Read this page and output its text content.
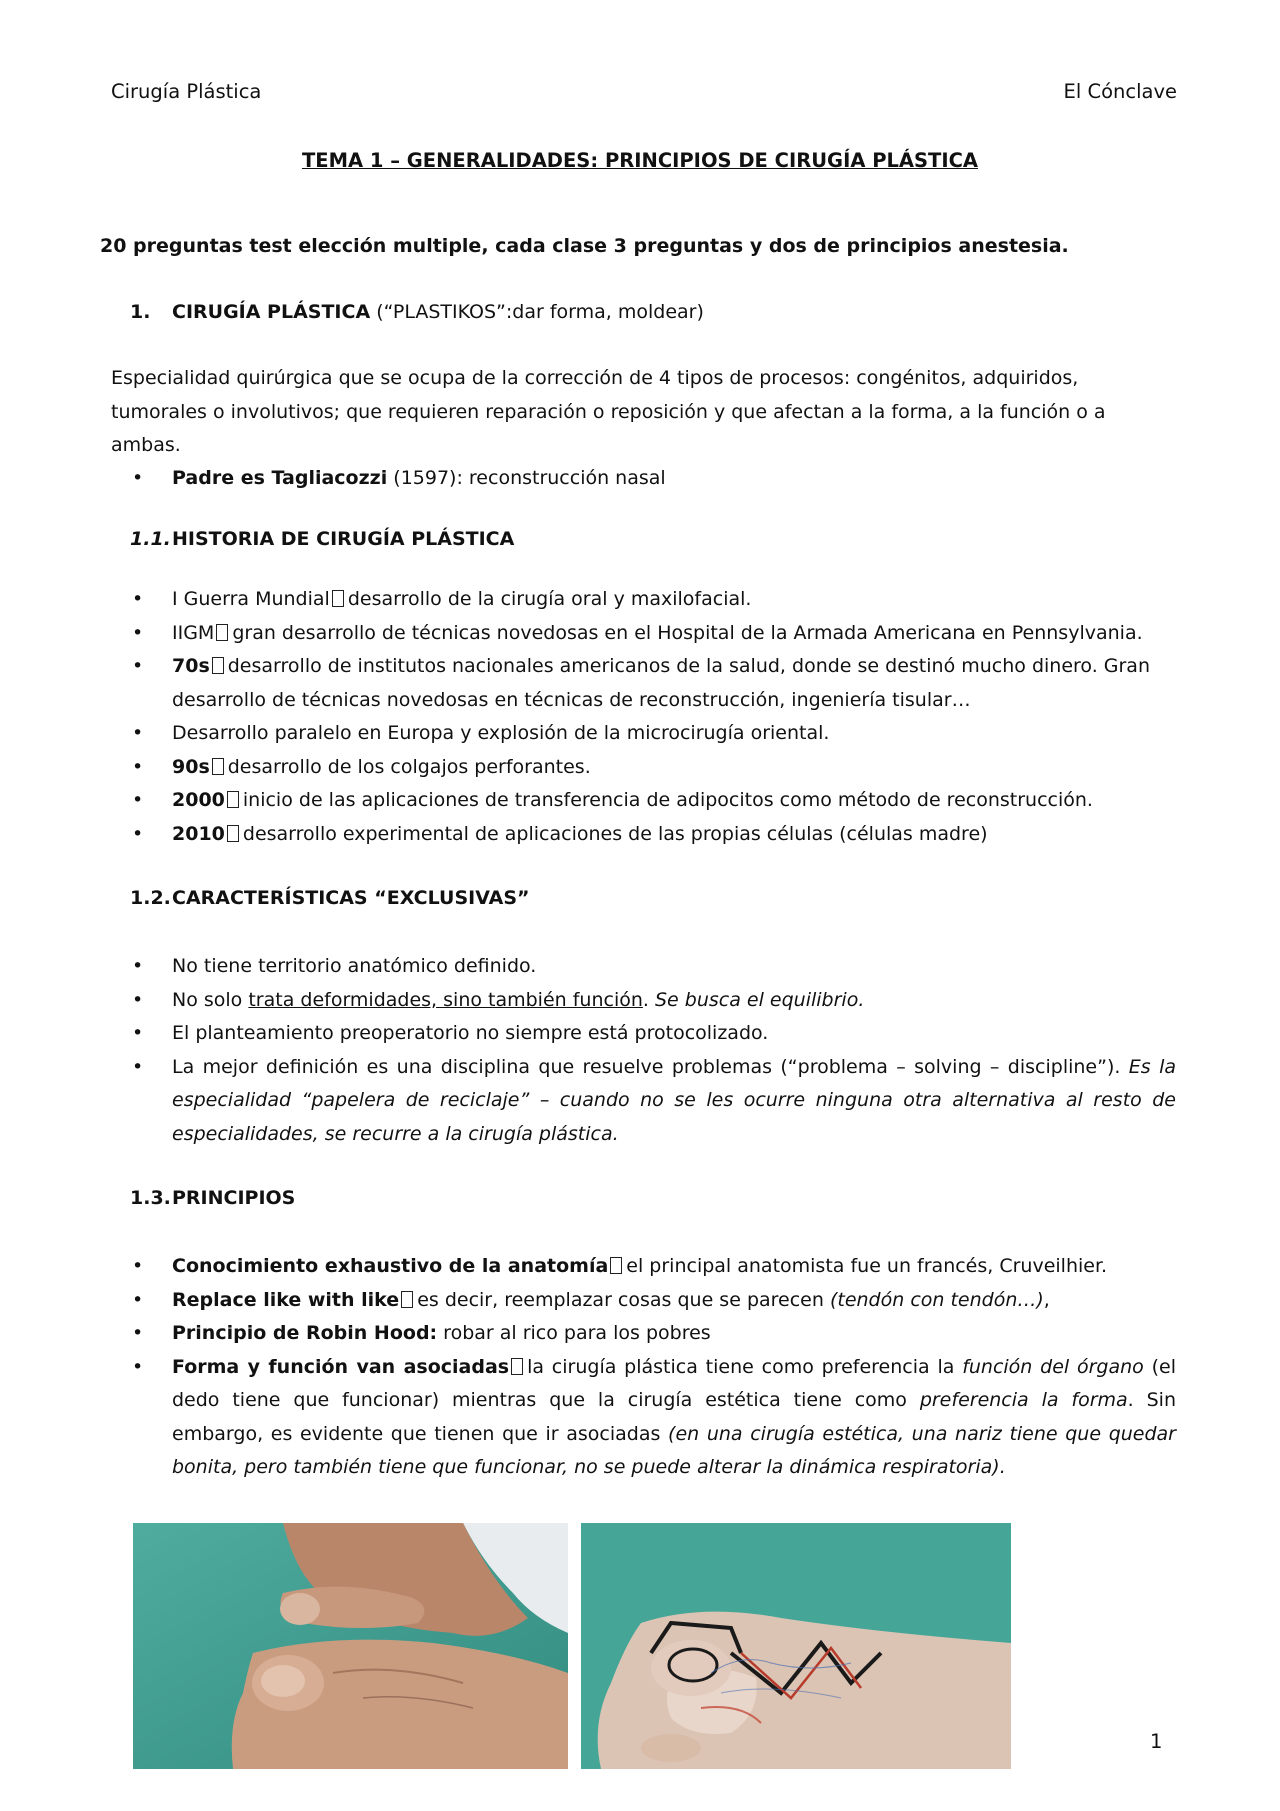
Cirugía Plástica	El Cónclave
TEMA 1 – GENERALIDADES: PRINCIPIOS DE CIRUGÍA PLÁSTICA
20 preguntas test elección multiple, cada clase 3 preguntas y dos de principios anestesia.
1. CIRUGÍA PLÁSTICA (“PLASTIKOS”:dar forma, moldear)
Especialidad quirúrgica que se ocupa de la corrección de 4 tipos de procesos: congénitos, adquiridos, tumorales o involutivos; que requieren reparación o reposición y que afectan a la forma, a la función o a ambas.
• Padre es Tagliacozzi (1597): reconstrucción nasal
1.1.HISTORIA DE CIRUGÍA PLÁSTICA
• I Guerra Mundial desarrollo de la cirugía oral y maxilofacial.
• IIGM gran desarrollo de técnicas novedosas en el Hospital de la Armada Americana en Pennsylvania.
• 70s desarrollo de institutos nacionales americanos de la salud, donde se destinó mucho dinero. Gran desarrollo de técnicas novedosas en técnicas de reconstrucción, ingeniería tisular…
• Desarrollo paralelo en Europa y explosión de la microcirugía oriental.
• 90s desarrollo de los colgajos perforantes.
• 2000 inicio de las aplicaciones de transferencia de adipocitos como método de reconstrucción.
• 2010 desarrollo experimental de aplicaciones de las propias células (células madre)
1.2.CARACTERÍSTICAS “EXCLUSIVAS”
• No tiene territorio anatómico definido.
• No solo trata deformidades, sino también función. Se busca el equilibrio.
• El planteamiento preoperatorio no siempre está protocolizado.
• La mejor definición es una disciplina que resuelve problemas (“problema – solving – discipline”). Es la especialidad “papelera de reciclaje” – cuando no se les ocurre ninguna otra alternativa al resto de especialidades, se recurre a la cirugía plástica.
1.3.PRINCIPIOS
• Conocimiento exhaustivo de la anatomía el principal anatomista fue un francés, Cruveilhier.
• Replace like with like es decir, reemplazar cosas que se parecen (tendón con tendón…),
• Principio de Robin Hood: robar al rico para los pobres
• Forma y función van asociadas la cirugía plástica tiene como preferencia la función del órgano (el dedo tiene que funcionar) mientras que la cirugía estética tiene como preferencia la forma. Sin embargo, es evidente que tienen que ir asociadas (en una cirugía estética, una nariz tiene que quedar bonita, pero también tiene que funcionar, no se puede alterar la dinámica respiratoria).
1
